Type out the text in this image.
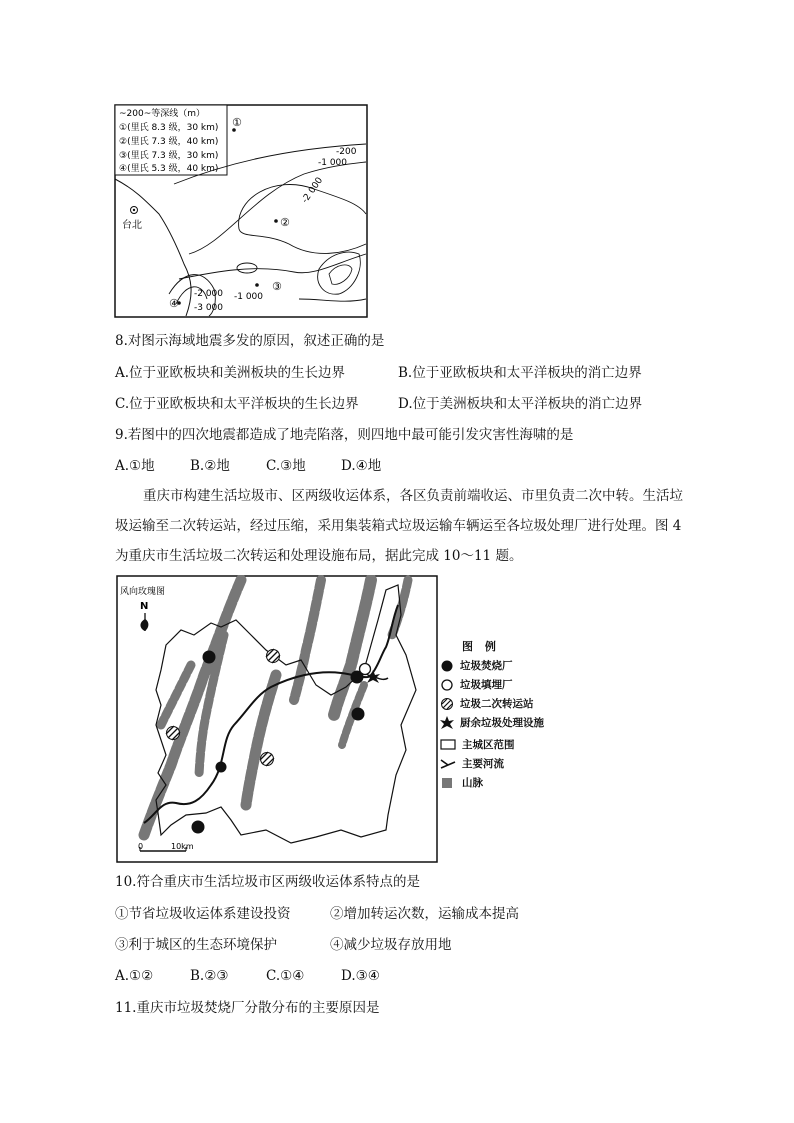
~200~等深线（m）
①(里氏 8.3 级，30 km)
②(里氏 7.3 级，40 km)
③(里氏 7.3 级，30 km)
④(里氏 5.3 级，40 km)
台北
①
②
③
④
-200
-1 000
-2 000
-1 000
-2 000
-3 000
8.对图示海域地震多发的原因，叙述正确的是
A.位于亚欧板块和美洲板块的生长边界	B.位于亚欧板块和太平洋板块的消亡边界
C.位于亚欧板块和太平洋板块的生长边界	D.位于美洲板块和太平洋板块的消亡边界
9.若图中的四次地震都造成了地壳陷落，则四地中最可能引发灾害性海啸的是
A.①地	B.②地	C.③地	D.④地
重庆市构建生活垃圾市、区两级收运体系，各区负责前端收运、市里负责二次中转。生活垃圾运输至二次转运站，经过压缩，采用集装箱式垃圾运输车辆运至各垃圾处理厂进行处理。图 4 为重庆市生活垃圾二次转运和处理设施布局，据此完成 10～11 题。
风向玫瑰图
N
0	10km
图 例
垃圾焚烧厂
垃圾填埋厂
垃圾二次转运站
厨余垃圾处理设施
主城区范围
主要河流
山脉
10.符合重庆市生活垃圾市区两级收运体系特点的是
①节省垃圾收运体系建设投资	②增加转运次数，运输成本提高
③利于城区的生态环境保护	④减少垃圾存放用地
A.①②	B.②③	C.①④	D.③④
11.重庆市垃圾焚烧厂分散分布的主要原因是
